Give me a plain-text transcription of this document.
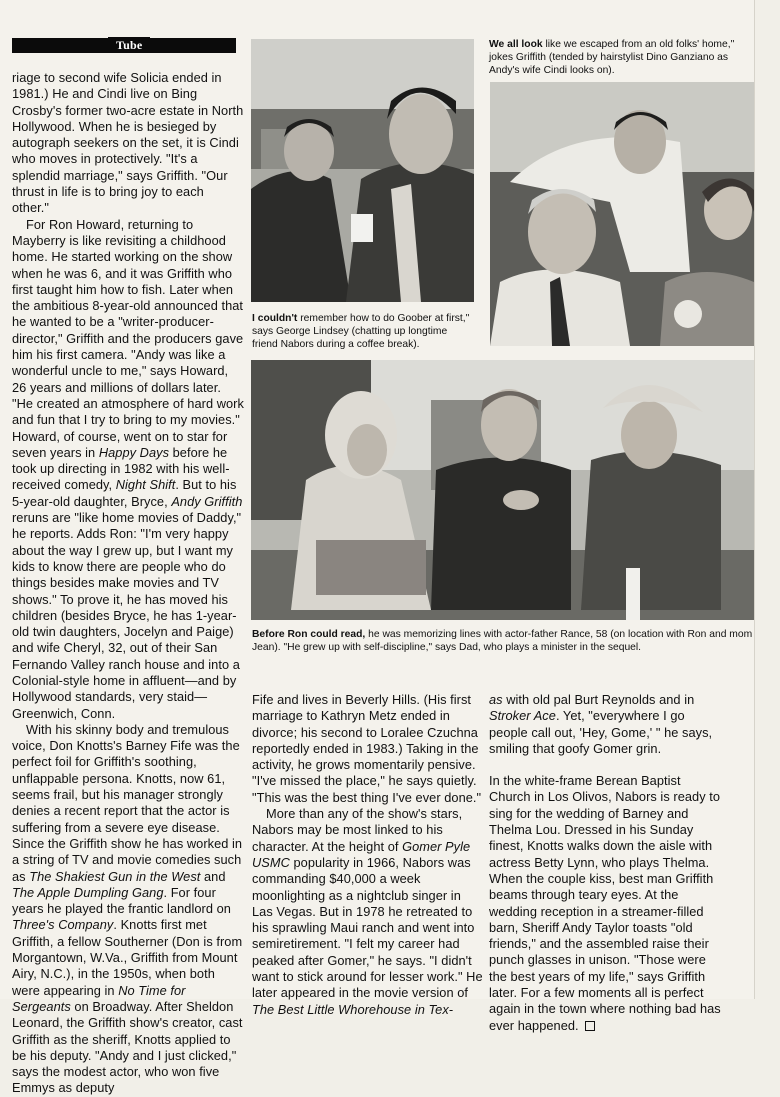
Tube

riage to second wife Solicia ended in 1981.) He and Cindi live on Bing Crosby's former two-acre estate in North Hollywood. When he is besieged by autograph seekers on the set, it is Cindi who moves in protectively. "It's a splendid marriage," says Griffith. "Our thrust in life is to bring joy to each other."

For Ron Howard, returning to Mayberry is like revisiting a childhood home. He started working on the show when he was 6, and it was Griffith who first taught him how to fish. Later when the ambitious 8-year-old announced that he wanted to be a "writer-producer-director," Griffith and the producers gave him his first camera. "Andy was like a wonderful uncle to me," says Howard, 26 years and millions of dollars later. "He created an atmosphere of hard work and fun that I try to bring to my movies." Howard, of course, went on to star for seven years in Happy Days before he took up directing in 1982 with his well-received comedy, Night Shift. But to his 5-year-old daughter, Bryce, Andy Griffith reruns are "like home movies of Daddy," he reports. Adds Ron: "I'm very happy about the way I grew up, but I want my kids to know there are people who do things besides make movies and TV shows." To prove it, he has moved his children (besides Bryce, he has 1-year-old twin daughters, Jocelyn and Paige) and wife Cheryl, 32, out of their San Fernando Valley ranch house and into a Colonial-style home in affluent—and by Hollywood standards, very staid—Greenwich, Conn.

With his skinny body and tremulous voice, Don Knotts's Barney Fife was the perfect foil for Griffith's soothing, unflappable persona. Knotts, now 61, seems frail, but his manager strongly denies a recent report that the actor is suffering from a severe eye disease. Since the Griffith show he has worked in a string of TV and movie comedies such as The Shakiest Gun in the West and The Apple Dumpling Gang. For four years he played the frantic landlord on Three's Company. Knotts first met Griffith, a fellow Southerner (Don is from Morgantown, W.Va., Griffith from Mount Airy, N.C.), in the 1950s, when both were appearing in No Time for Sergeants on Broadway. After Sheldon Leonard, the Griffith show's creator, cast Griffith as the sheriff, Knotts applied to be his deputy. "Andy and I just clicked," says the modest actor, who won five Emmys as deputy

Fife and lives in Beverly Hills. (His first marriage to Kathryn Metz ended in divorce; his second to Loralee Czuchna reportedly ended in 1983.) Taking in the activity, he grows momentarily pensive. "I've missed the place," he says quietly. "This was the best thing I've ever done."

More than any of the show's stars, Nabors may be most linked to his character. At the height of Gomer Pyle USMC popularity in 1966, Nabors was commanding $40,000 a week moonlighting as a nightclub singer in Las Vegas. But in 1978 he retreated to his sprawling Maui ranch and went into semiretirement. "I felt my career had peaked after Gomer," he says. "I didn't want to stick around for lesser work." He later appeared in the movie version of The Best Little Whorehouse in Tex-

as with old pal Burt Reynolds and in Stroker Ace. Yet, "everywhere I go people call out, 'Hey, Gome,' " he says, smiling that goofy Gomer grin.

In the white-frame Berean Baptist Church in Los Olivos, Nabors is ready to sing for the wedding of Barney and Thelma Lou. Dressed in his Sunday finest, Knotts walks down the aisle with actress Betty Lynn, who plays Thelma. When the couple kiss, best man Griffith beams through teary eyes. At the wedding reception in a streamer-filled barn, Sheriff Andy Taylor toasts "old friends," and the assembled raise their punch glasses in unison. "Those were the best years of my life," says Griffith later. For a few moments all is perfect again in the town where nothing bad has ever happened.

I couldn't remember how to do Goober at first," says George Lindsey (chatting up longtime friend Nabors during a coffee break).
We all look like we escaped from an old folks' home," jokes Griffith (tended by hairstylist Dino Ganziano as Andy's wife Cindi looks on).
Before Ron could read, he was memorizing lines with actor-father Rance, 58 (on location with Ron and mom Jean). "He grew up with self-discipline," says Dad, who plays a minister in the sequel.
